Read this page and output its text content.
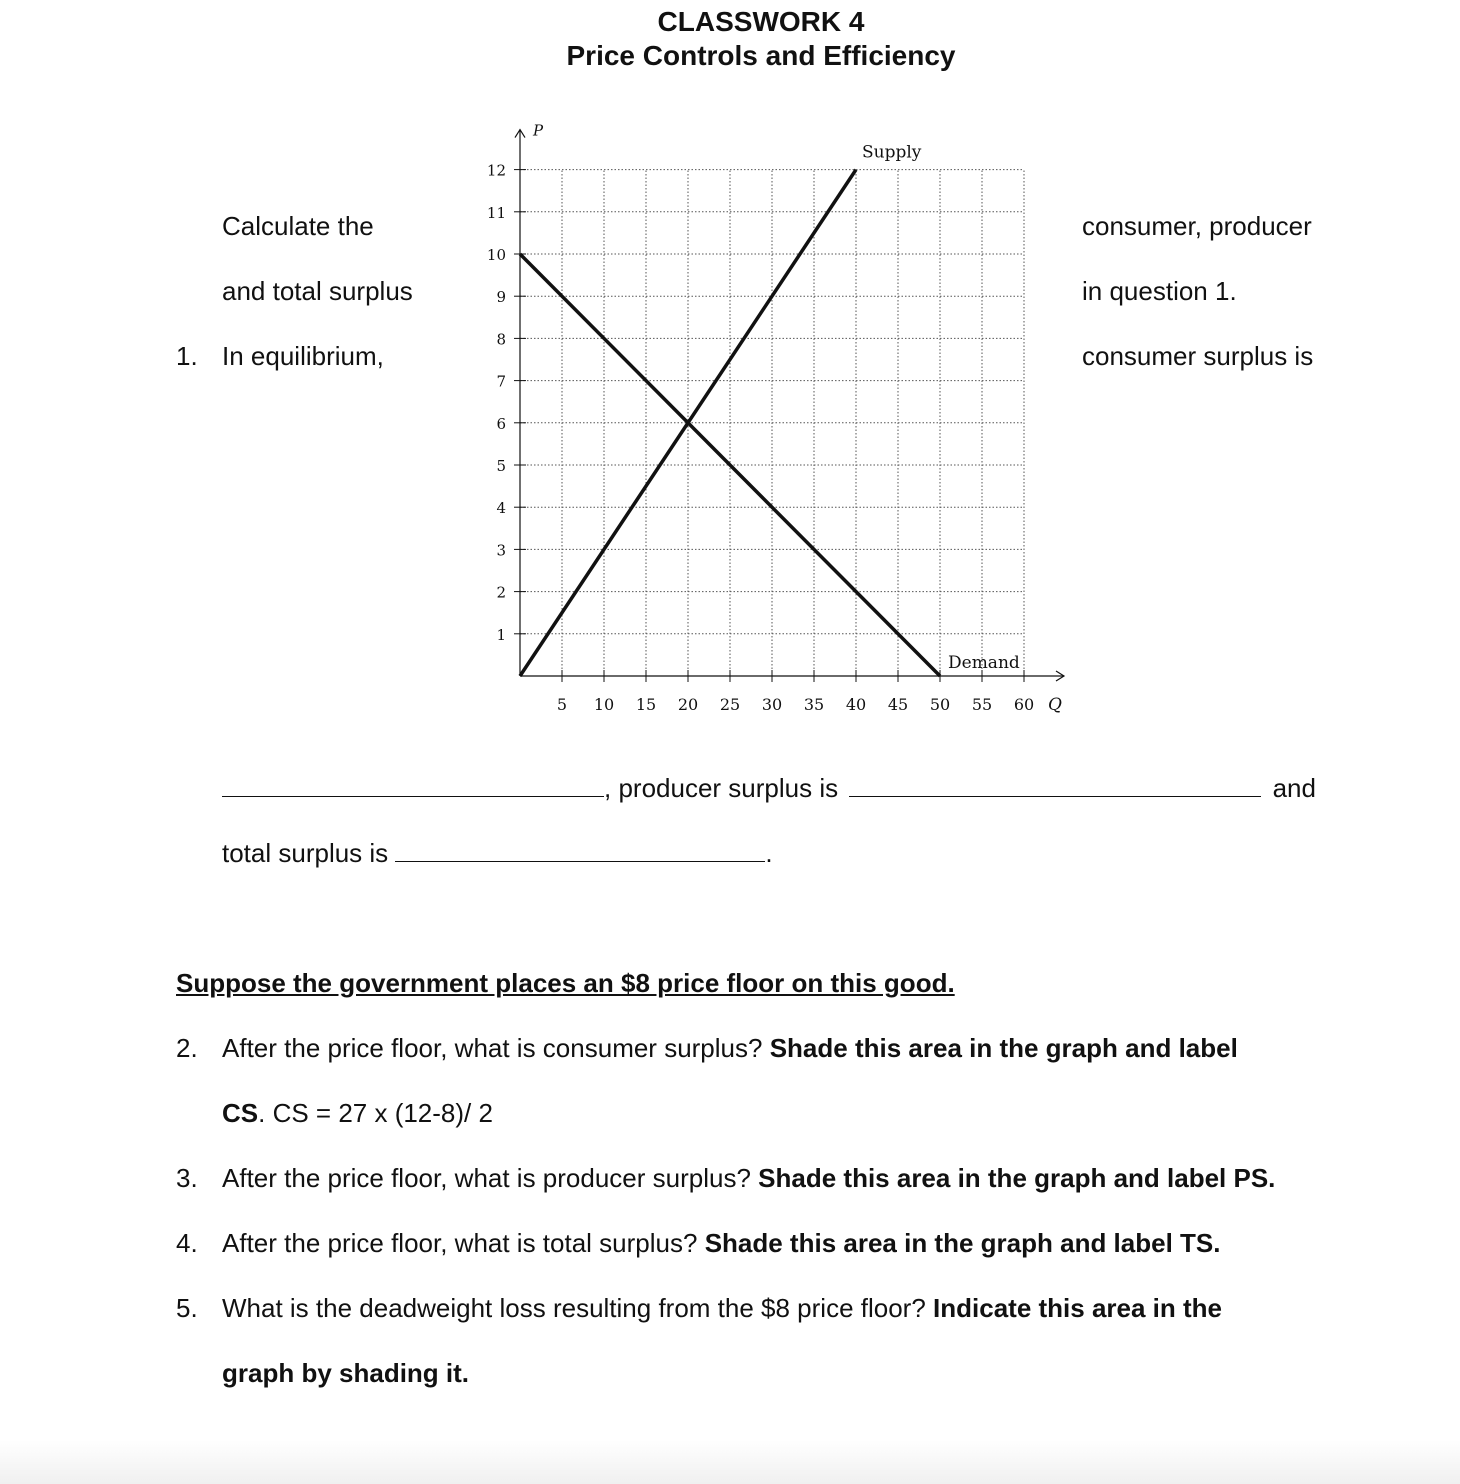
CLASSWORK 4
Price Controls and Efficiency
Calculate the
and total surplus
consumer, producer
in question 1.
1. In equilibrium,	consumer surplus is
1
2
3
4
5
6
7
8
9
10
11
12
5 10 15 20 25 30 35 40 45 50 55 60
P
Q
Supply
Demand
, producer surplus is	and
total surplus is	.
Suppose the government places an $8 price floor on this good.
2. After the price floor, what is consumer surplus? Shade this area in the graph and label
CS. CS = 27 x (12-8)/ 2
3. After the price floor, what is producer surplus? Shade this area in the graph and label PS.
4. After the price floor, what is total surplus? Shade this area in the graph and label TS.
5. What is the deadweight loss resulting from the $8 price floor? Indicate this area in the
graph by shading it.
